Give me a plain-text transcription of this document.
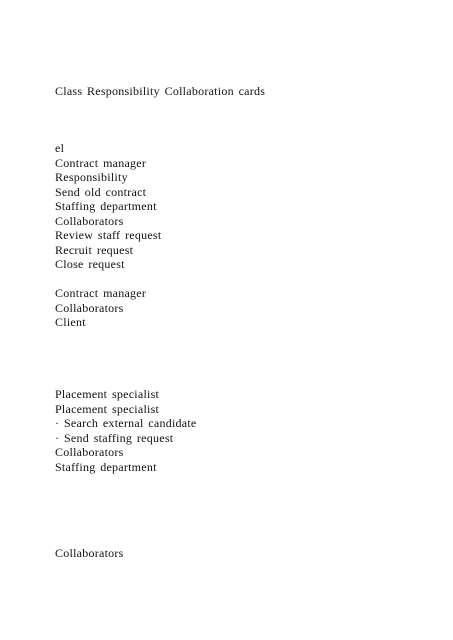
Class Responsibility Collaboration cards
el
Contract manager
Responsibility
Send old contract
Staffing department
Collaborators
Review staff request
Recruit request
Close request
Contract manager
Collaborators
Client
Placement specialist
Placement specialist
· Search external candidate
· Send staffing request
Collaborators
Staffing department
Collaborators
